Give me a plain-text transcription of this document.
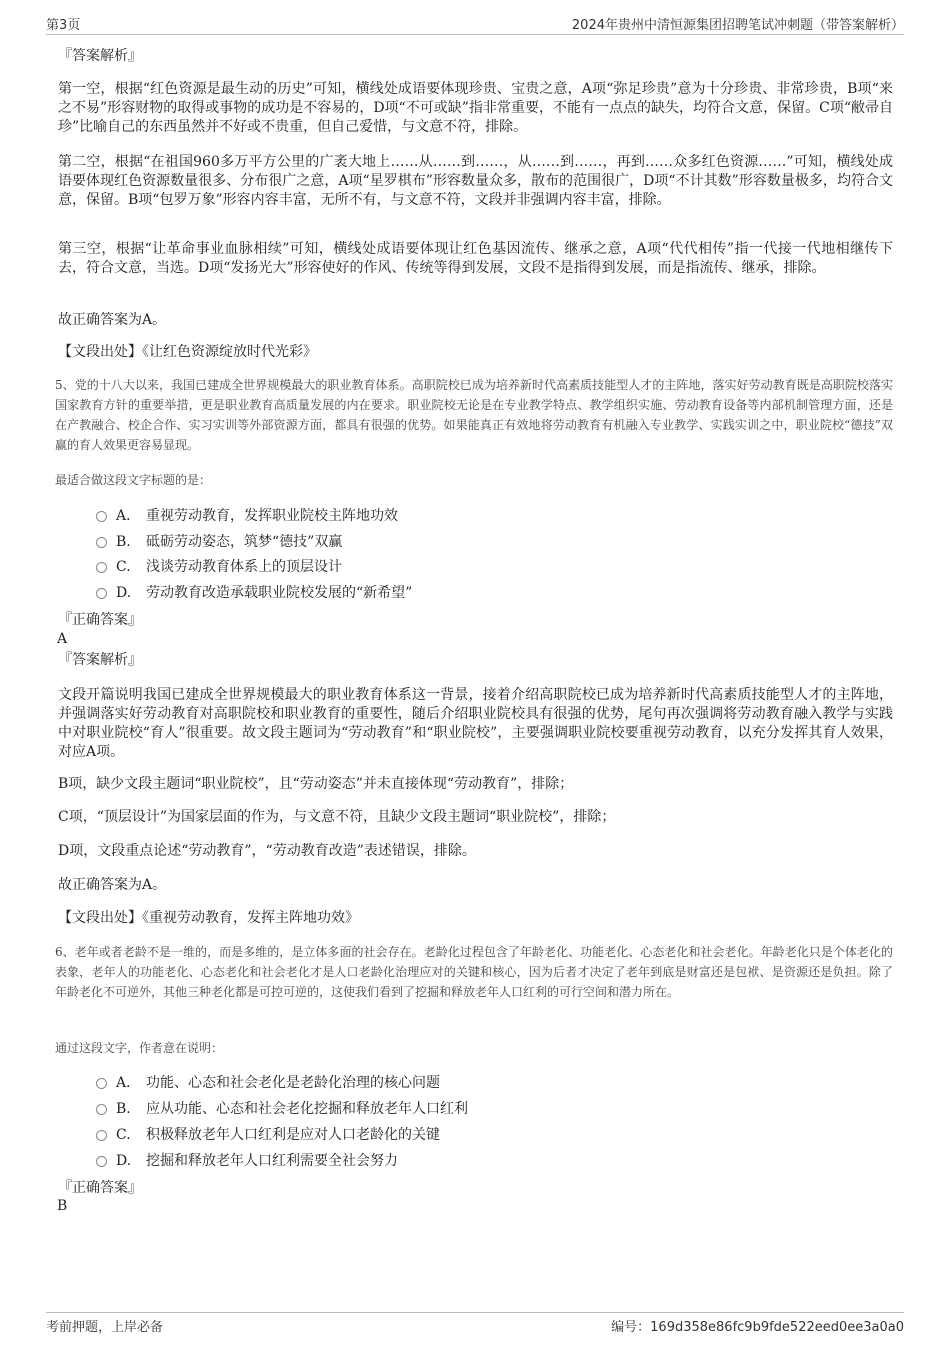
第3页	2024年贵州中清恒源集团招聘笔试冲刺题（带答案解析）
『答案解析』

第一空，根据“红色资源是最生动的历史”可知，横线处成语要体现珍贵、宝贵之意，A项“弥足珍贵”意为十分珍贵、非常珍贵，B项“来之不易”形容财物的取得或事物的成功是不容易的，D项“不可或缺”指非常重要，不能有一点点的缺失，均符合文意，保留。C项“敝帚自珍”比喻自己的东西虽然并不好或不贵重，但自己爱惜，与文意不符，排除。

第二空，根据“在祖国960多万平方公里的广袤大地上……从……到……，从……到……，再到……众多红色资源……”可知，横线处成语要体现红色资源数量很多、分布很广之意，A项“星罗棋布”形容数量众多，散布的范围很广，D项“不计其数”形容数量极多，均符合文意，保留。B项“包罗万象”形容内容丰富，无所不有，与文意不符，文段并非强调内容丰富，排除。

第三空，根据“让革命事业血脉相续”可知，横线处成语要体现让红色基因流传、继承之意，A项“代代相传”指一代接一代地相继传下去，符合文意，当选。D项“发扬光大”形容使好的作风、传统等得到发展，文段不是指得到发展，而是指流传、继承，排除。

故正确答案为A。
【文段出处】《让红色资源绽放时代光彩》
5、党的十八大以来，我国已建成全世界规模最大的职业教育体系。高职院校已成为培养新时代高素质技能型人才的主阵地，落实好劳动教育既是高职院校落实国家教育方针的重要举措，更是职业教育高质量发展的内在要求。职业院校无论是在专业教学特点、教学组织实施、劳动教育设备等内部机制管理方面，还是在产教融合、校企合作、实习实训等外部资源方面，都具有很强的优势。如果能真正有效地将劳动教育有机融入专业教学、实践实训之中，职业院校“德技”双赢的育人效果更容易显现。
最适合做这段文字标题的是：
A． 重视劳动教育，发挥职业院校主阵地功效
B. 砥砺劳动姿态，筑梦“德技”双赢
C. 浅谈劳动教育体系上的顶层设计
D. 劳动教育改造承载职业院校发展的“新希望”
『正确答案』
A
『答案解析』

文段开篇说明我国已建成全世界规模最大的职业教育体系这一背景，接着介绍高职院校已成为培养新时代高素质技能型人才的主阵地，并强调落实好劳动教育对高职院校和职业教育的重要性，随后介绍职业院校具有很强的优势，尾句再次强调将劳动教育融入教学与实践中对职业院校“育人”很重要。故文段主题词为“劳动教育”和“职业院校”，主要强调职业院校要重视劳动教育，以充分发挥其育人效果，对应A项。

B项，缺少文段主题词“职业院校”，且“劳动姿态”并未直接体现“劳动教育”，排除；
C项，“顶层设计”为国家层面的作为，与文意不符，且缺少文段主题词“职业院校”，排除；
D项，文段重点论述“劳动教育”，“劳动教育改造”表述错误，排除。
故正确答案为A。
【文段出处】《重视劳动教育，发挥主阵地功效》
6、老年或者老龄不是一维的，而是多维的，是立体多面的社会存在。老龄化过程包含了年龄老化、功能老化、心态老化和社会老化。年龄老化只是个体老化的表象，老年人的功能老化、心态老化和社会老化才是人口老龄化治理应对的关键和核心，因为后者才决定了老年到底是财富还是包袱、是资源还是负担。除了年龄老化不可逆外，其他三种老化都是可控可逆的，这使我们看到了挖掘和释放老年人口红利的可行空间和潜力所在。
通过这段文字，作者意在说明：
A． 功能、心态和社会老化是老龄化治理的核心问题
B. 应从功能、心态和社会老化挖掘和释放老年人口红利
C. 积极释放老年人口红利是应对人口老龄化的关键
D. 挖掘和释放老年人口红利需要全社会努力
『正确答案』
B
考前押题，上岸必备	编号：169d358e86fc9b9fde522eed0ee3a0a0
